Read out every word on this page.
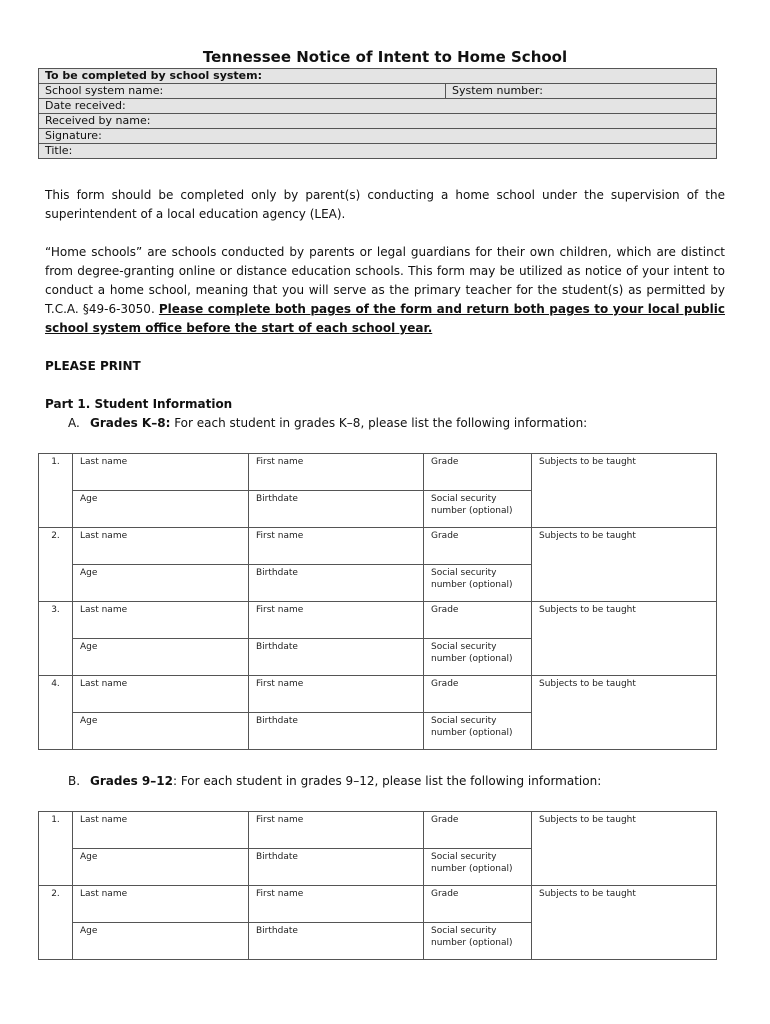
Tennessee Notice of Intent to Home School
To be completed by school system:
School system name:	System number:
Date received:
Received by name:
Signature:
Title:
This form should be completed only by parent(s) conducting a home school under the supervision of the superintendent of a local education agency (LEA).
“Home schools” are schools conducted by parents or legal guardians for their own children, which are distinct from degree-granting online or distance education schools. This form may be utilized as notice of your intent to conduct a home school, meaning that you will serve as the primary teacher for the student(s) as permitted by T.C.A. §49-6-3050. Please complete both pages of the form and return both pages to your local public school system office before the start of each school year.
PLEASE PRINT
Part 1. Student Information
A. Grades K–8: For each student in grades K–8, please list the following information:
1.	Last name	First name	Grade	Subjects to be taught
	Age	Birthdate	Social security number (optional)	
2.	Last name	First name	Grade	Subjects to be taught
	Age	Birthdate	Social security number (optional)	
3.	Last name	First name	Grade	Subjects to be taught
	Age	Birthdate	Social security number (optional)	
4.	Last name	First name	Grade	Subjects to be taught
	Age	Birthdate	Social security number (optional)	
B. Grades 9–12: For each student in grades 9–12, please list the following information:
1.	Last name	First name	Grade	Subjects to be taught
	Age	Birthdate	Social security number (optional)	
2.	Last name	First name	Grade	Subjects to be taught
	Age	Birthdate	Social security number (optional)	
